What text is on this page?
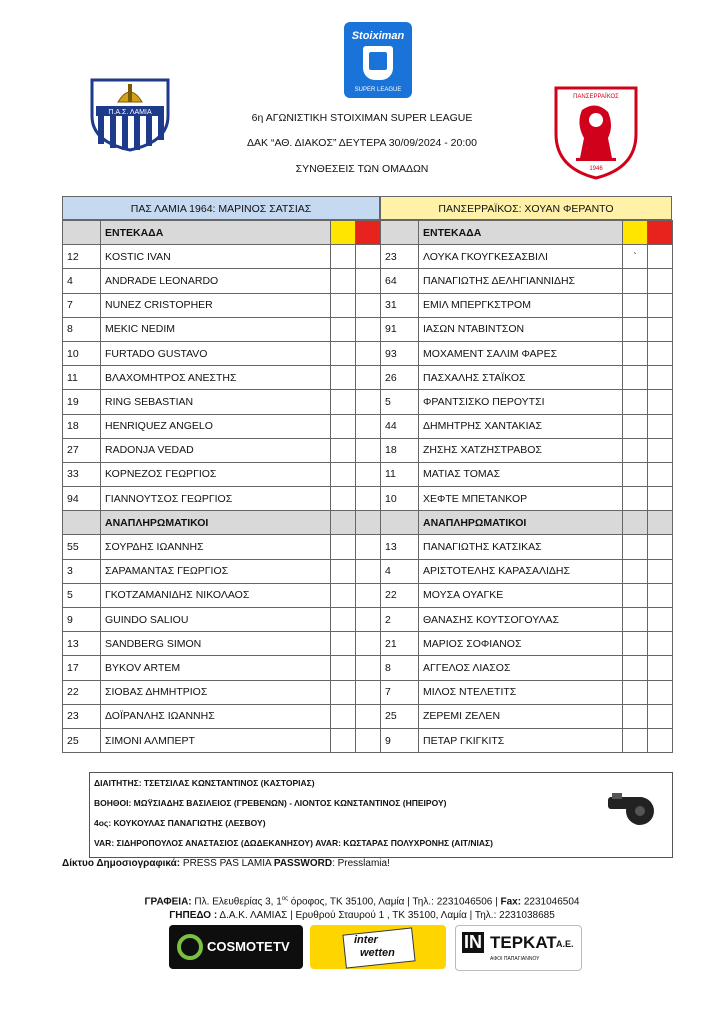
Stoiximan
SUPER LEAGUE
Π.Α.Σ. ΛΑΜΙΑ
ΠΑΝΣΕΡΡΑΪΚΟΣ
1946
6η ΑΓΩΝΙΣΤΙΚΗ STOIXIMAN SUPER LEAGUE
ΔΑΚ “ΑΘ. ΔΙΑΚΟΣ” ΔΕΥΤΕΡΑ 30/09/2024 - 20:00
ΣΥΝΘΕΣΕΙΣ ΤΩΝ ΟΜΑΔΩΝ
ΠΑΣ ΛΑΜΙΑ 1964: ΜΑΡΙΝΟΣ ΣΑΤΣΙΑΣ
	ΕΝΤΕΚΑΔΑ		
12	KOSTIC IVAN		
4	ANDRADE LEONARDO		
7	NUNEZ CRISTOPHER		
8	MEKIC NEDIM		
10	FURTADO GUSTAVO		
11	ΒΛΑΧΟΜΗΤΡΟΣ ΑΝΕΣΤΗΣ		
19	RING SEBASTIAN		
18	HENRIQUEZ ANGELO		
27	RADONJA VEDAD		
33	ΚΟΡΝΕΖΟΣ ΓΕΩΡΓΙΟΣ		
94	ΓΙΑΝΝΟΥΤΣΟΣ ΓΕΩΡΓΙΟΣ		
	ΑΝΑΠΛΗΡΩΜΑΤΙΚΟΙ		
55	ΣΟΥΡΔΗΣ ΙΩΑΝΝΗΣ		
3	ΣΑΡΑΜΑΝΤΑΣ ΓΕΩΡΓΙΟΣ		
5	ΓΚΟΤΖΑΜΑΝΙΔΗΣ ΝΙΚΟΛΑΟΣ		
9	GUINDO SALIOU		
13	SANDBERG SIMON		
17	BYKOV ARTEM		
22	ΣΙΟΒΑΣ ΔΗΜΗΤΡΙΟΣ		
23	ΔΟΪΡΑΝΛΗΣ ΙΩΑΝΝΗΣ		
25	ΣΙΜΟΝΙ ΑΛΜΠΕΡΤ		
ΠΑΝΣΕΡΡΑΪΚΟΣ: ΧΟΥΑΝ ΦΕΡΑΝΤΟ
	ΕΝΤΕΚΑΔΑ		
23	ΛΟΥΚΑ ΓΚΟΥΓΚΕΣΑΣΒΙΛΙ	`	
64	ΠΑΝΑΓΙΩΤΗΣ ΔΕΛΗΓΙΑΝΝΙΔΗΣ		
31	ΕΜΙΛ ΜΠΕΡΓΚΣΤΡΟΜ		
91	ΙΑΣΩΝ ΝΤΑΒΙΝΤΣΟΝ		
93	ΜΟΧΑΜΕΝΤ ΣΑΛΙΜ ΦΑΡΕΣ		
26	ΠΑΣΧΑΛΗΣ ΣΤΑΪΚΟΣ		
5	ΦΡΑΝΤΣΙΣΚΟ ΠΕΡΟΥΤΣΙ		
44	ΔΗΜΗΤΡΗΣ ΧΑΝΤΑΚΙΑΣ		
18	ΖΗΣΗΣ ΧΑΤΖΗΣΤΡΑΒΟΣ		
11	ΜΑΤΙΑΣ ΤΟΜΑΣ		
10	ΧΕΦΤΕ ΜΠΕΤΑΝΚΟΡ		
	ΑΝΑΠΛΗΡΩΜΑΤΙΚΟΙ		
13	ΠΑΝΑΓΙΩΤΗΣ ΚΑΤΣΙΚΑΣ		
4	ΑΡΙΣΤΟΤΕΛΗΣ ΚΑΡΑΣΑΛΙΔΗΣ		
22	ΜΟΥΣΑ ΟΥΑΓΚΕ		
2	ΘΑΝΑΣΗΣ ΚΟΥΤΣΟΓΟΥΛΑΣ		
21	ΜΑΡΙΟΣ ΣΟΦΙΑΝΟΣ		
8	ΑΓΓΕΛΟΣ ΛΙΑΣΟΣ		
7	ΜΙΛΟΣ ΝΤΕΛΕΤΙΤΣ		
25	ΖΕΡΕΜΙ ΖΕΛΕΝ		
9	ΠΕΤΑΡ ΓΚΙΓΚΙΤΣ		
ΔΙΑΙΤΗΤΗΣ: ΤΣΕΤΣΙΛΑΣ ΚΩΝΣΤΑΝΤΙΝΟΣ (ΚΑΣΤΟΡΙΑΣ)
ΒΟΗΘΟΙ: ΜΩΫΣΙΑΔΗΣ ΒΑΣΙΛΕΙΟΣ (ΓΡΕΒΕΝΩΝ) - ΛΙΟΝΤΟΣ ΚΩΝΣΤΑΝΤΙΝΟΣ (ΗΠΕΙΡΟΥ)
4ος: ΚΟΥΚΟΥΛΑΣ ΠΑΝΑΓΙΩΤΗΣ (ΛΕΣΒΟΥ)
VAR: ΣΙΔΗΡΟΠΟΥΛΟΣ ΑΝΑΣΤΑΣΙΟΣ (ΔΩΔΕΚΑΝΗΣΟΥ) AVAR: ΚΩΣΤΑΡΑΣ ΠΟΛΥΧΡΟΝΗΣ (ΑΙΤ/ΝΙΑΣ)
Δίκτυο Δημοσιογραφικά: PRESS PAS LAMIA PASSWORD: Presslamia!
ΓΡΑΦΕΙΑ: Πλ. Ελευθερίας 3, $1^{o\varsigma}$ όροφος, ΤΚ 35100, Λαμία | Τηλ.: 2231046506 | Fax: 2231046504
ΓΗΠΕΔΟ : Δ.Α.Κ. ΛΑΜΙΑΣ | Ερυθρού Σταυρού 1 , ΤΚ 35100, Λαμία | Τηλ.: 2231038685
COSMOTE TV	inter
wetten
IN ΤΕΡΚΑΤ Α.Ε.
ΑΦΟΙ ΠΑΠΑΓΙΑΝΝΟΥ
